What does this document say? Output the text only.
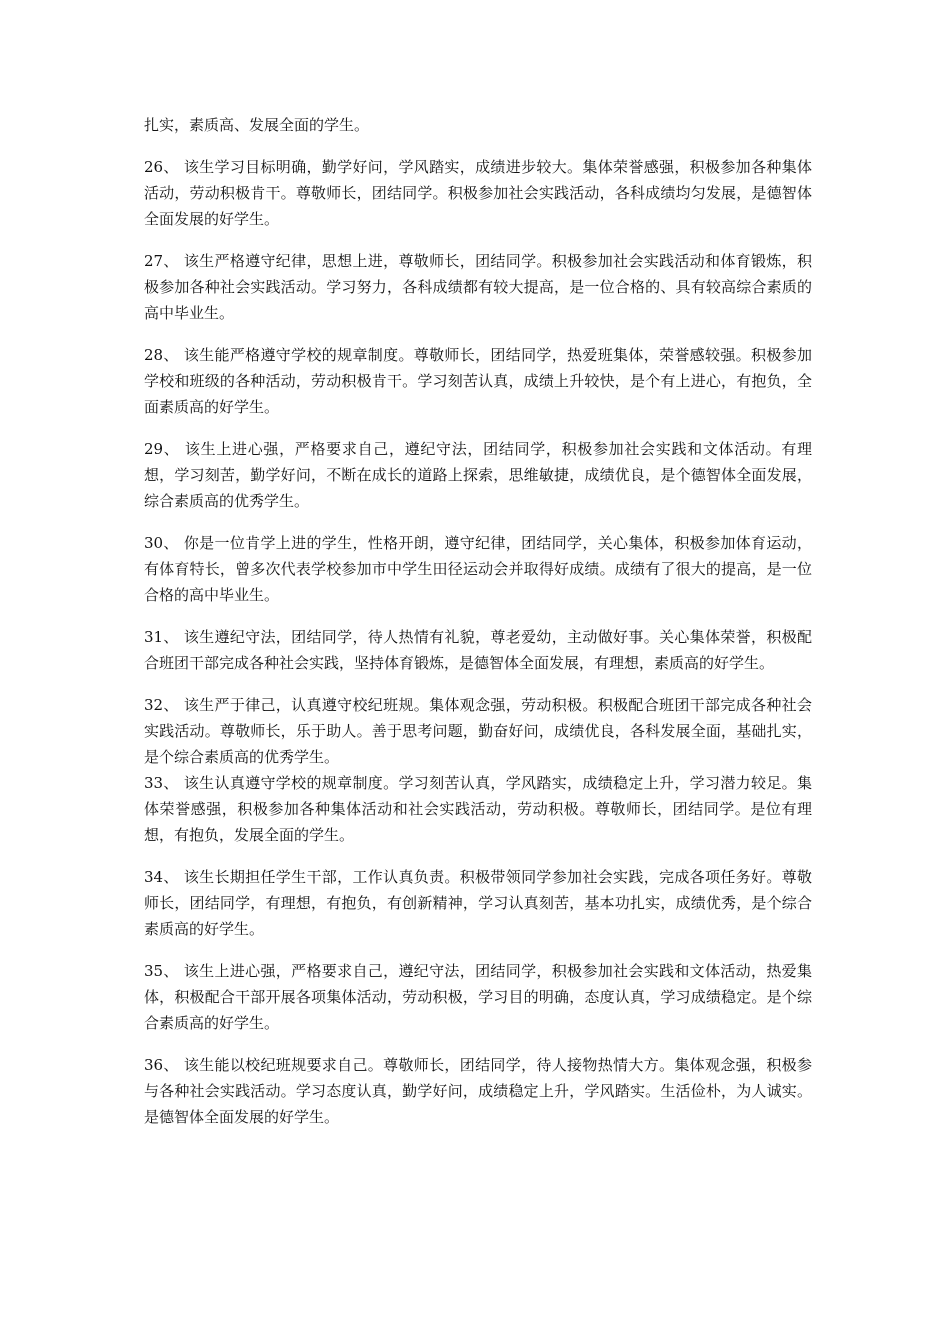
扎实，素质高、发展全面的学生。

26、 该生学习目标明确，勤学好问，学风踏实，成绩进步较大。集体荣誉感强，积极参加各种集体活动，劳动积极肯干。尊敬师长，团结同学。积极参加社会实践活动，各科成绩均匀发展，是德智体全面发展的好学生。

27、 该生严格遵守纪律，思想上进，尊敬师长，团结同学。积极参加社会实践活动和体育锻炼，积极参加各种社会实践活动。学习努力，各科成绩都有较大提高，是一位合格的、具有较高综合素质的高中毕业生。

28、 该生能严格遵守学校的规章制度。尊敬师长，团结同学，热爱班集体，荣誉感较强。积极参加学校和班级的各种活动，劳动积极肯干。学习刻苦认真，成绩上升较快，是个有上进心，有抱负，全面素质高的好学生。

29、 该生上进心强，严格要求自己，遵纪守法，团结同学，积极参加社会实践和文体活动。有理想，学习刻苦，勤学好问，不断在成长的道路上探索，思维敏捷，成绩优良，是个德智体全面发展，综合素质高的优秀学生。

30、 你是一位肯学上进的学生，性格开朗，遵守纪律，团结同学，关心集体，积极参加体育运动，有体育特长，曾多次代表学校参加市中学生田径运动会并取得好成绩。成绩有了很大的提高，是一位合格的高中毕业生。

31、 该生遵纪守法，团结同学，待人热情有礼貌，尊老爱幼，主动做好事。关心集体荣誉，积极配合班团干部完成各种社会实践，坚持体育锻炼，是德智体全面发展，有理想，素质高的好学生。

32、 该生严于律己，认真遵守校纪班规。集体观念强，劳动积极。积极配合班团干部完成各种社会实践活动。尊敬师长，乐于助人。善于思考问题，勤奋好问，成绩优良，各科发展全面，基础扎实，是个综合素质高的优秀学生。

33、 该生认真遵守学校的规章制度。学习刻苦认真，学风踏实，成绩稳定上升，学习潜力较足。集体荣誉感强，积极参加各种集体活动和社会实践活动，劳动积极。尊敬师长，团结同学。是位有理想，有抱负，发展全面的学生。

34、 该生长期担任学生干部，工作认真负责。积极带领同学参加社会实践，完成各项任务好。尊敬师长，团结同学，有理想，有抱负，有创新精神，学习认真刻苦，基本功扎实，成绩优秀，是个综合素质高的好学生。

35、 该生上进心强，严格要求自己，遵纪守法，团结同学，积极参加社会实践和文体活动，热爱集体，积极配合干部开展各项集体活动，劳动积极，学习目的明确，态度认真，学习成绩稳定。是个综合素质高的好学生。

36、 该生能以校纪班规要求自己。尊敬师长，团结同学，待人接物热情大方。集体观念强，积极参与各种社会实践活动。学习态度认真，勤学好问，成绩稳定上升，学风踏实。生活俭朴，为人诚实。是德智体全面发展的好学生。
